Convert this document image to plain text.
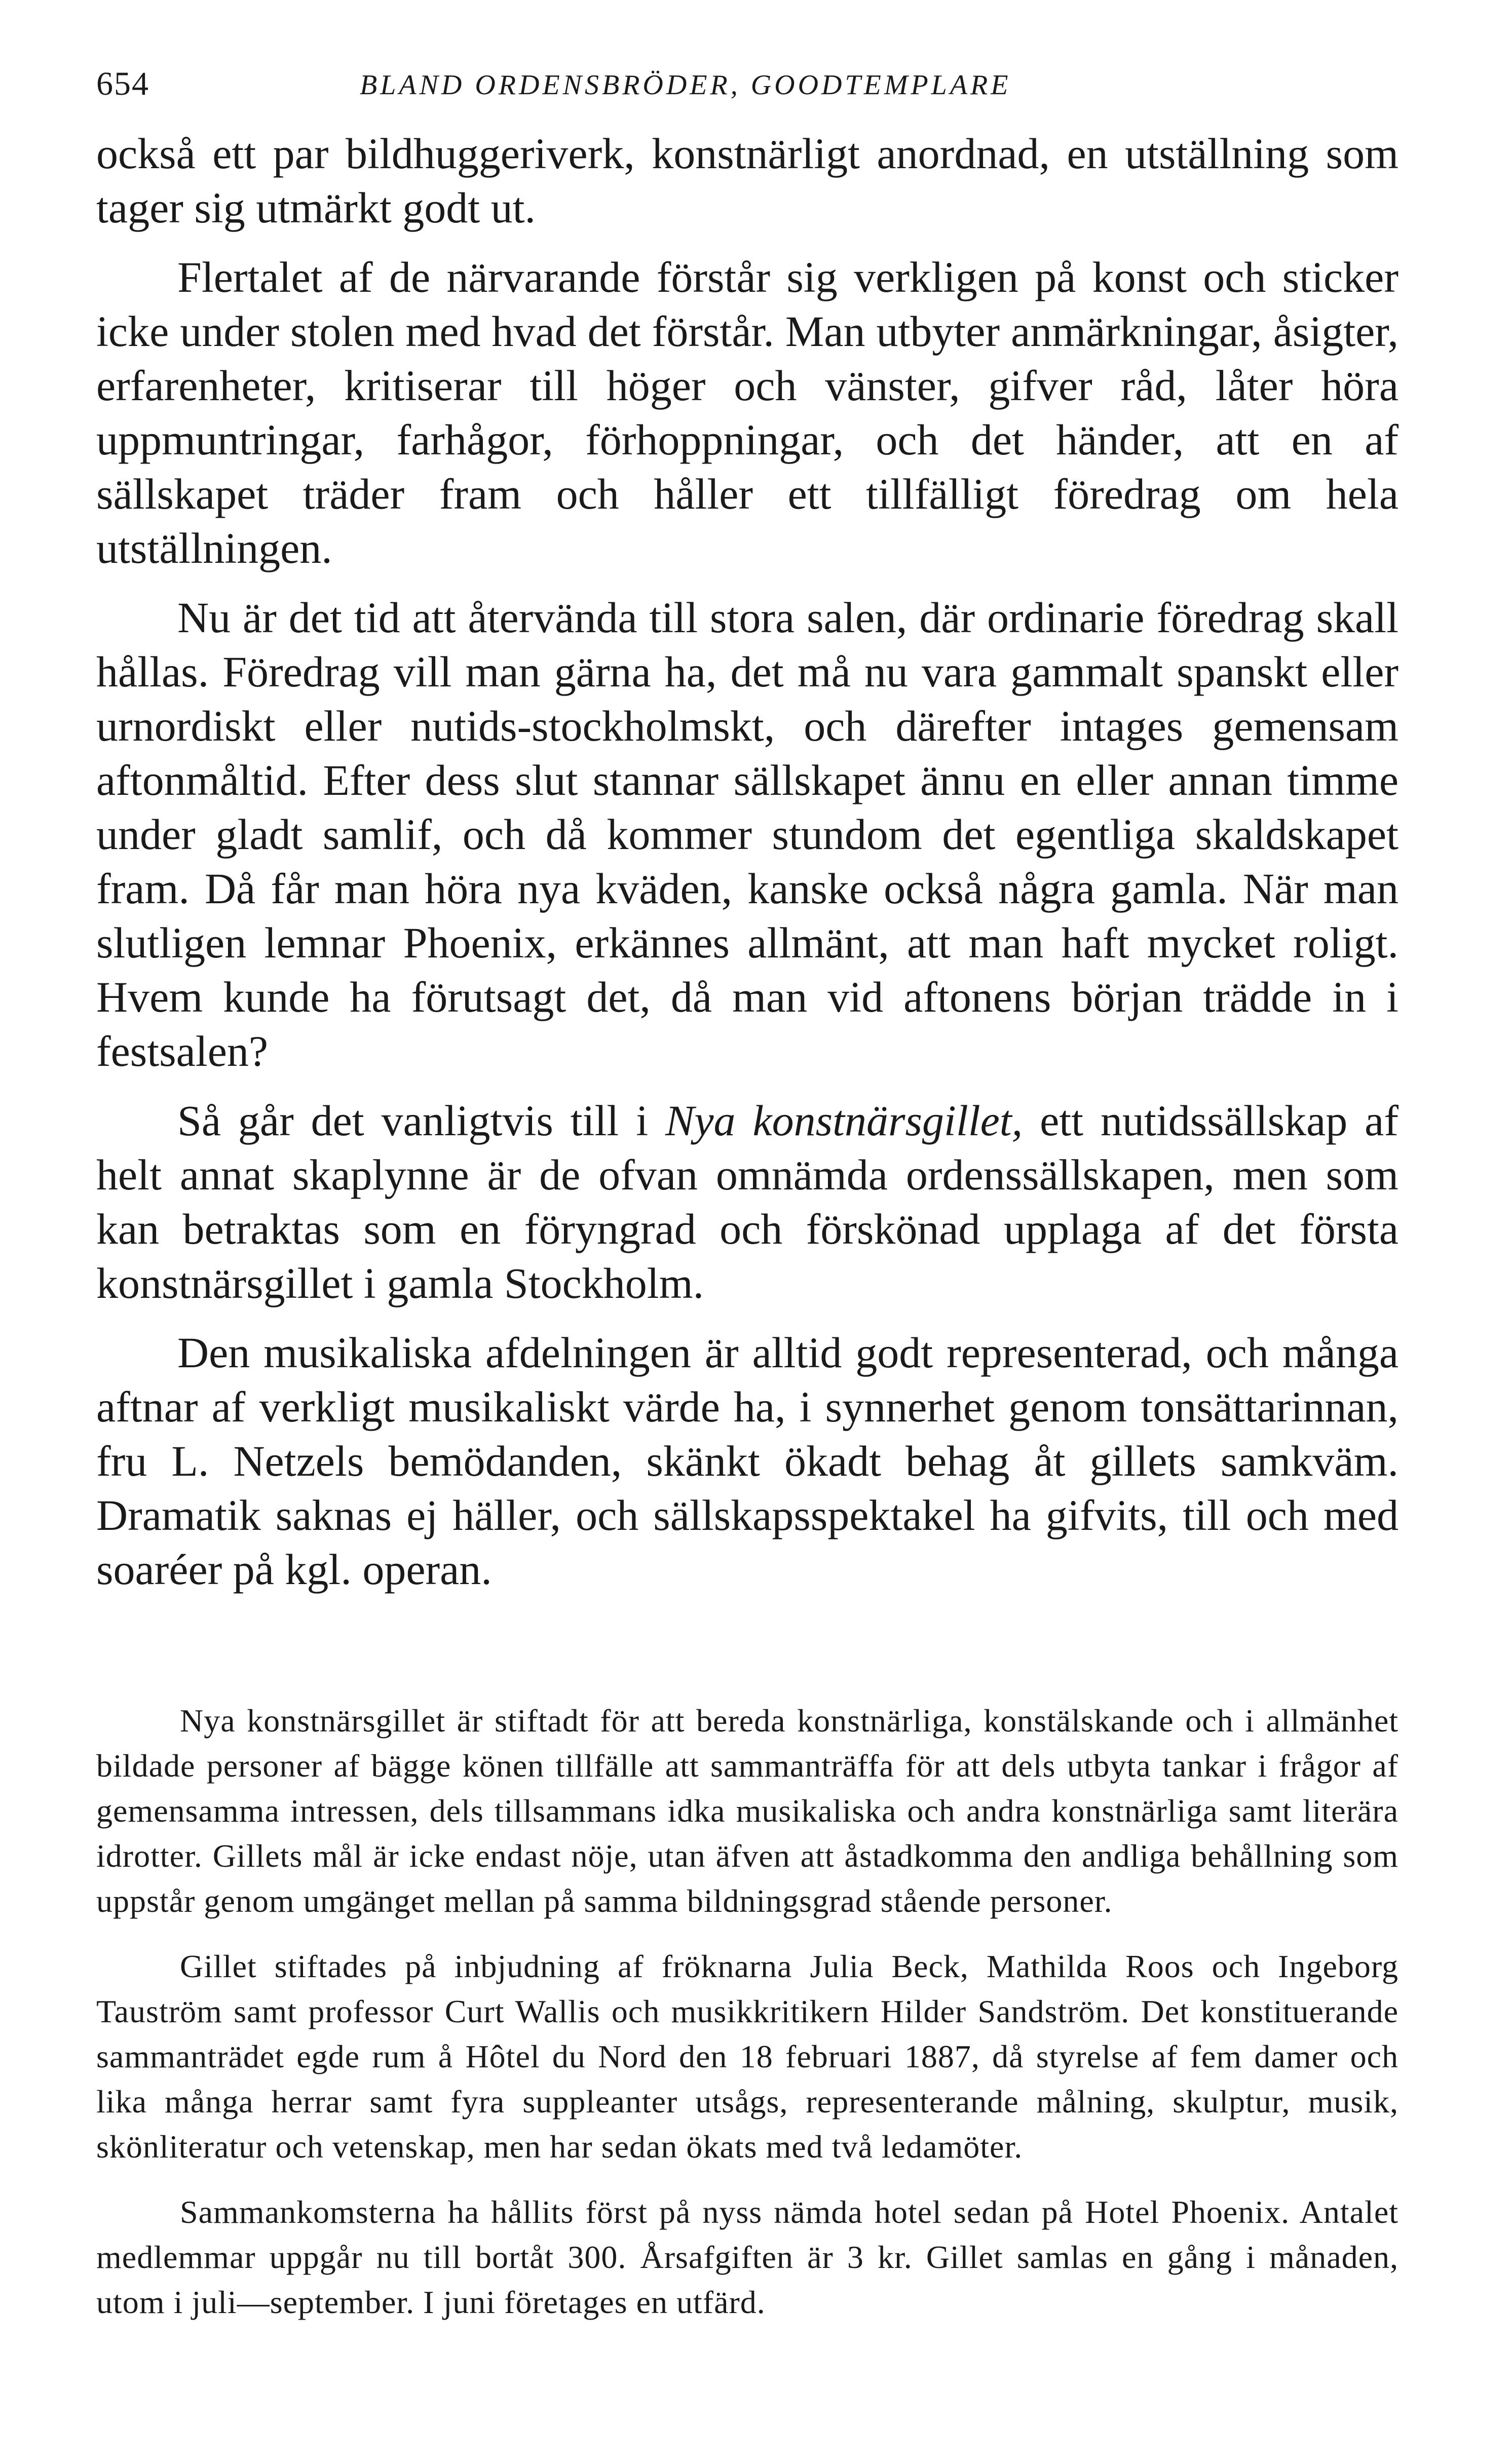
654	BLAND ORDENSBRÖDER, GOODTEMPLARE

också ett par bildhuggeriverk, konstnärligt anordnad, en utställning som tager sig utmärkt godt ut.

Flertalet af de närvarande förstår sig verkligen på konst och sticker icke under stolen med hvad det förstår. Man utbyter anmärkningar, åsigter, erfarenheter, kritiserar till höger och vänster, gifver råd, låter höra uppmuntringar, farhågor, förhoppningar, och det händer, att en af sällskapet träder fram och håller ett tillfälligt föredrag om hela utställningen.

Nu är det tid att återvända till stora salen, där ordinarie föredrag skall hållas. Föredrag vill man gärna ha, det må nu vara gammalt spanskt eller urnordiskt eller nutids-stockholmskt, och därefter intages gemensam aftonmåltid. Efter dess slut stannar sällskapet ännu en eller annan timme under gladt samlif, och då kommer stundom det egentliga skaldskapet fram. Då får man höra nya kväden, kanske också några gamla. När man slutligen lemnar Phoenix, erkännes allmänt, att man haft mycket roligt. Hvem kunde ha förutsagt det, då man vid aftonens början trädde in i festsalen?

Så går det vanligtvis till i Nya konstnärsgillet, ett nutidssällskap af helt annat skaplynne är de ofvan omnämda ordenssällskapen, men som kan betraktas som en föryngrad och förskönad upplaga af det första konstnärsgillet i gamla Stockholm.

Den musikaliska afdelningen är alltid godt representerad, och många aftnar af verkligt musikaliskt värde ha, i synnerhet genom tonsättarinnan, fru L. Netzels bemödanden, skänkt ökadt behag åt gillets samkväm. Dramatik saknas ej häller, och sällskapsspektakel ha gifvits, till och med soaréer på kgl. operan.

Nya konstnärsgillet är stiftadt för att bereda konstnärliga, konstälskande och i allmänhet bildade personer af bägge könen tillfälle att sammanträffa för att dels utbyta tankar i frågor af gemensamma intressen, dels tillsammans idka musikaliska och andra konstnärliga samt literära idrotter. Gillets mål är icke endast nöje, utan äfven att åstadkomma den andliga behållning som uppstår genom umgänget mellan på samma bildningsgrad stående personer.

Gillet stiftades på inbjudning af fröknarna Julia Beck, Mathilda Roos och Ingeborg Tauström samt professor Curt Wallis och musikkritikern Hilder Sandström. Det konstituerande sammanträdet egde rum å Hôtel du Nord den 18 februari 1887, då styrelse af fem damer och lika många herrar samt fyra suppleanter utsågs, representerande målning, skulptur, musik, skönliteratur och vetenskap, men har sedan ökats med två ledamöter.

Sammankomsterna ha hållits först på nyss nämda hotel sedan på Hotel Phoenix. Antalet medlemmar uppgår nu till bortåt 300. Årsafgiften är 3 kr. Gillet samlas en gång i månaden, utom i juli—september. I juni företages en utfärd.
